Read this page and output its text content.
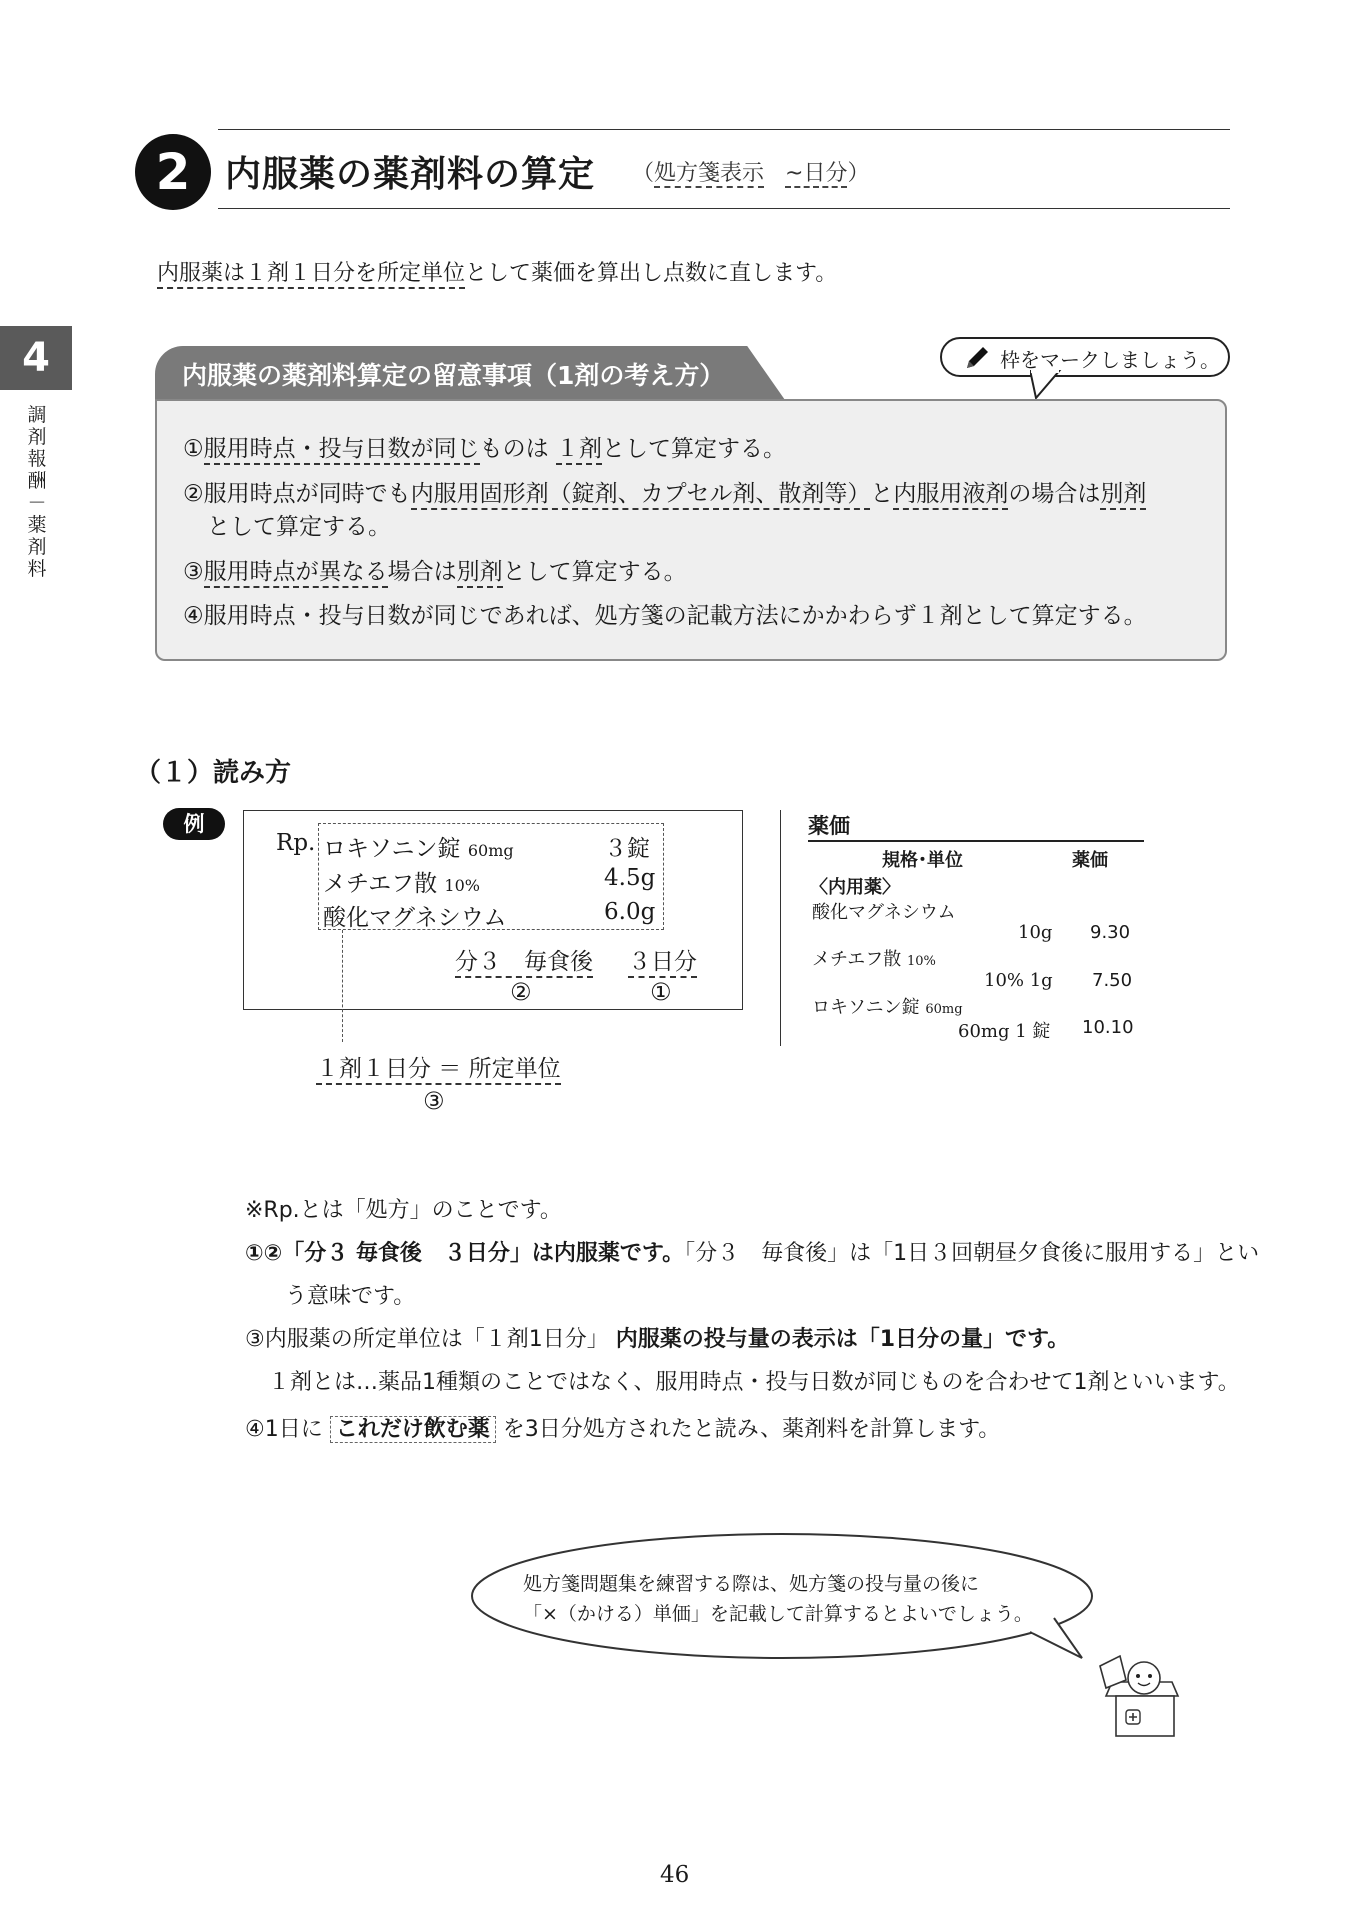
2 内服薬の薬剤料の算定 （処方箋表示 ~日分）
内服薬は１剤１日分を所定単位として薬価を算出し点数に直します。
4
調剤報酬－薬剤料
枠をマークしましょう。
内服薬の薬剤料算定の留意事項（1剤の考え方）
①服用時点・投与日数が同じものは １剤として算定する。
②服用時点が同時でも内服用固形剤（錠剤、カプセル剤、散剤等）と内服用液剤の場合は別剤
として算定する。
③服用時点が異なる場合は別剤として算定する。
④服用時点・投与日数が同じであれば、処方箋の記載方法にかかわらず１剤として算定する。
（１）読み方
例
Rp. ロキソニン錠 60mg	３錠
メチエフ散 10%	4.5g
酸化マグネシウム	6.0g
分３　毎食後 ３日分
②	①
１剤１日分 ＝ 所定単位
③
薬価
規格･単位	薬価
〈内用薬〉
酸化マグネシウム
10g 9.30
メチエフ散 10%
10% 1g 7.50
ロキソニン錠 60mg
60mg 1 錠 10.10
※Rp.とは「処方」のことです。
①②「分３ 毎食後　３日分」は内服薬です。「分３　毎食後」は「1日３回朝昼夕食後に服用する」とい
う意味です。
③内服薬の所定単位は「１剤1日分」 内服薬の投与量の表示は「1日分の量」です。
１剤とは…薬品1種類のことではなく、服用時点・投与日数が同じものを合わせて1剤といいます。
④1日に これだけ飲む薬 を3日分処方されたと読み、薬剤料を計算します。
処方箋問題集を練習する際は、処方箋の投与量の後に
「×（かける）単価」を記載して計算するとよいでしょう。
46
